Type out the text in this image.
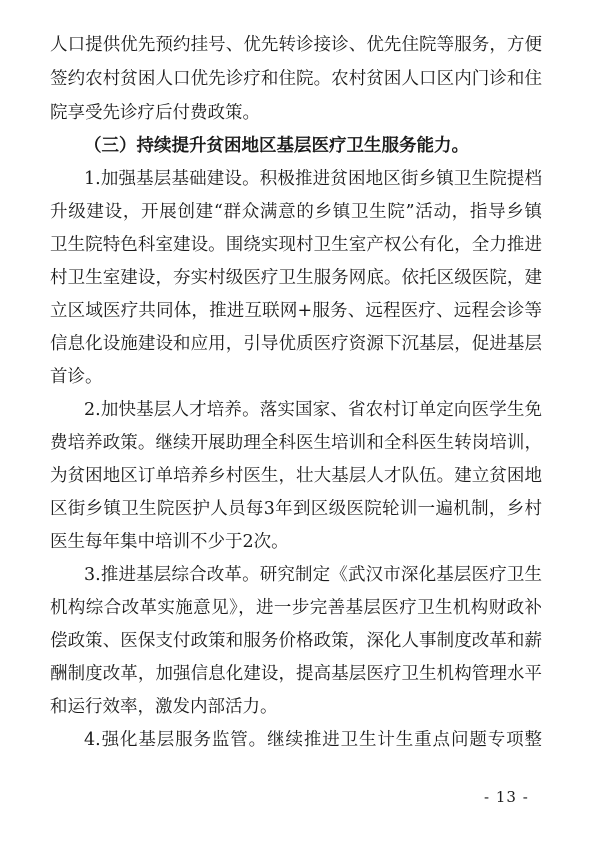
人口提供优先预约挂号、优先转诊接诊、优先住院等服务，方便
签约农村贫困人口优先诊疗和住院。农村贫困人口区内门诊和住
院享受先诊疗后付费政策。
（三）持续提升贫困地区基层医疗卫生服务能力。
1.加强基层基础建设。积极推进贫困地区街乡镇卫生院提档
升级建设，开展创建“群众满意的乡镇卫生院”活动，指导乡镇
卫生院特色科室建设。围绕实现村卫生室产权公有化，全力推进
村卫生室建设，夯实村级医疗卫生服务网底。依托区级医院，建
立区域医疗共同体，推进互联网+服务、远程医疗、远程会诊等
信息化设施建设和应用，引导优质医疗资源下沉基层，促进基层
首诊。
2.加快基层人才培养。落实国家、省农村订单定向医学生免
费培养政策。继续开展助理全科医生培训和全科医生转岗培训，
为贫困地区订单培养乡村医生，壮大基层人才队伍。建立贫困地
区街乡镇卫生院医护人员每3年到区级医院轮训一遍机制，乡村
医生每年集中培训不少于2次。
3.推进基层综合改革。研究制定《武汉市深化基层医疗卫生
机构综合改革实施意见》，进一步完善基层医疗卫生机构财政补
偿政策、医保支付政策和服务价格政策，深化人事制度改革和薪
酬制度改革，加强信息化建设，提高基层医疗卫生机构管理水平
和运行效率，激发内部活力。
4.强化基层服务监管。继续推进卫生计生重点问题专项整
- 13 -
